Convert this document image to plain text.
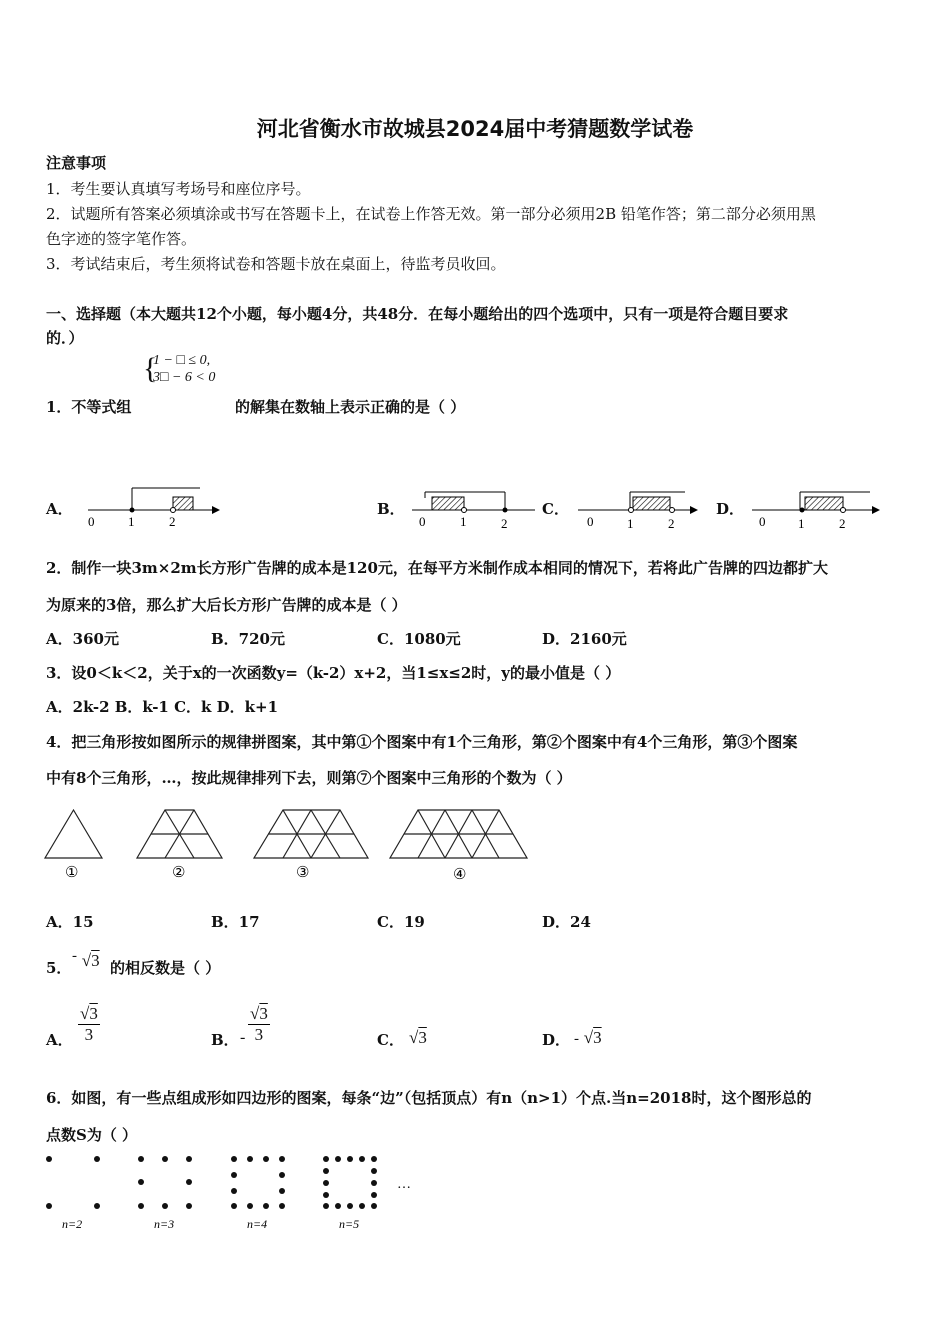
河北省衡水市故城县2024届中考猜题数学试卷
注意事项
1．考生要认真填写考场号和座位序号。
2．试题所有答案必须填涂或书写在答题卡上，在试卷上作答无效。第一部分必须用2B 铅笔作答；第二部分必须用黑
色字迹的签字笔作答。
3．考试结束后，考生须将试卷和答题卡放在桌面上，待监考员收回。
一、选择题（本大题共12个小题，每小题4分，共48分．在每小题给出的四个选项中，只有一项是符合题目要求
的．）
{
1 − □ ≤ 0,
3□ − 6 < 0
1．不等式组	的解集在数轴上表示正确的是（ ）
A．	B．	C．	D．
0	1	2	0	1	2	0	1	2	0	1	2
2．制作一块3m×2m长方形广告牌的成本是120元，在每平方米制作成本相同的情况下，若将此广告牌的四边都扩大
为原来的3倍，那么扩大后长方形广告牌的成本是（ ）
A．360元	B．720元	C．1080元	D．2160元
3．设0＜k＜2，关于x的一次函数y=（k-2）x+2，当1≤x≤2时，y的最小值是（ ）
A．2k-2 B．k-1 C．k D．k+1
4．把三角形按如图所示的规律拼图案，其中第①个图案中有1个三角形，第②个图案中有4个三角形，第③个图案
中有8个三角形，…，按此规律排列下去，则第⑦个图案中三角形的个数为（ ）
①	②	③	④
A．15	B．17	C．19	D．24
5．
- √3 的相反数是（ ）
A． $\frac{√3}{3}$	B． - $\frac{√3}{3}$	C． √3	D． - √3
6．如图，有一些点组成形如四边形的图案，每条“边”（包括顶点）有n（n>1）个点.当n=2018时，这个图形总的
点数S为（ ）
…
n=2	n=3	n=4	n=5
